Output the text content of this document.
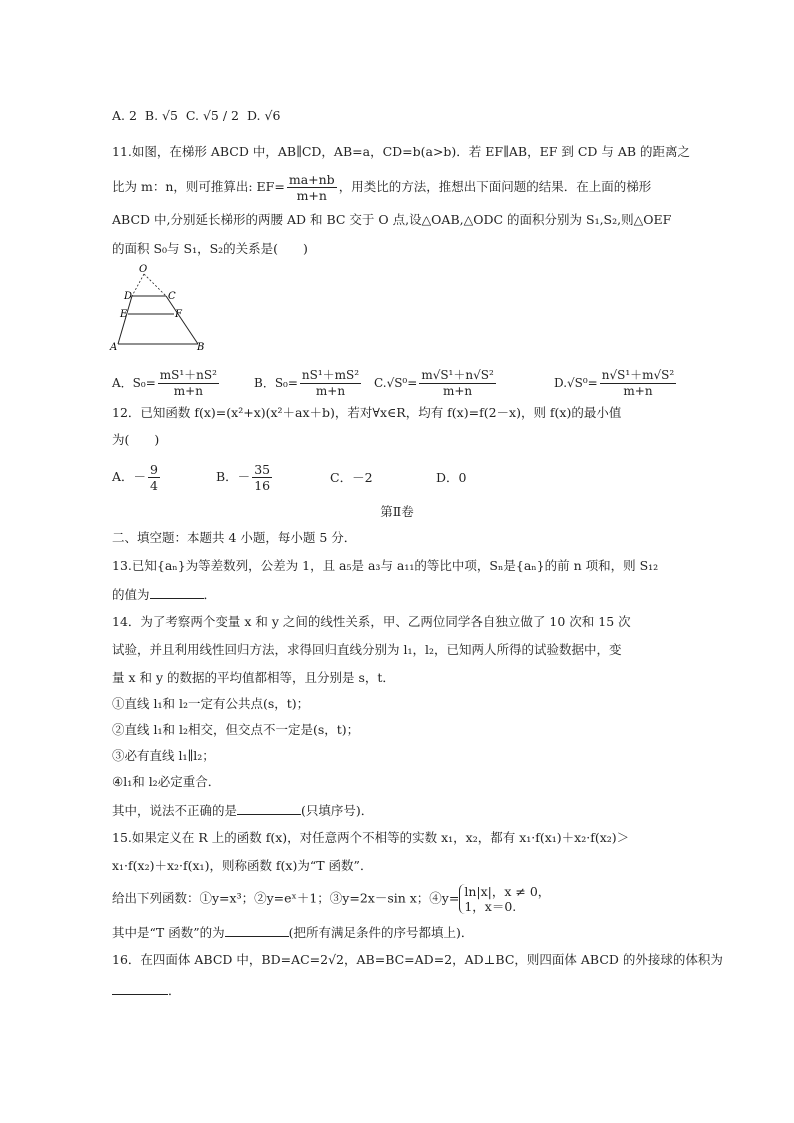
A. 2 B. √5 C. √5 / 2 D. √6
11.如图，在梯形 ABCD 中，AB∥CD，AB=a，CD=b(a>b)．若 EF∥AB，EF 到 CD 与 AB 的距离之
比为 m：n，则可推算出: $EF= \frac{ma+nb}{m+n}$ ，用类比的方法，推想出下面问题的结果．在上面的梯形
ABCD 中,分别延长梯形的两腰 AD 和 BC 交于 O 点,设△OAB,△ODC 的面积分别为 S₁,S₂,则△OEF
的面积 S₀与 S₁，S₂的关系是(　　)
O
D	C
E	F
A	B
A．$S_0= \frac{\text{mS¹＋nS²}}{m+n}$	B．$S_0= \frac{\text{nS¹＋mS²}}{m+n} C.√S^0= \frac{\text{m√S¹＋n√S²}}{m+n}$	$D.√S^0= \frac{\text{n√S¹＋m√S²}}{m+n}$
12．已知函数 f(x)=(x²+x)(x²＋ax＋b)，若对∀x∈R，均有 f(x)=f(2－x)，则 f(x)的最小值
为(　　)
A．－ $\frac{9}{4}$	B．－ $\frac{35}{16}$	C．－2	D．0
第Ⅱ卷
二、填空题：本题共 4 小题，每小题 5 分．
13.已知{aₙ}为等差数列，公差为 1，且 a₅是 a₃与 a₁₁的等比中项，Sₙ是{aₙ}的前 n 项和，则 S₁₂
的值为	．
14．为了考察两个变量 x 和 y 之间的线性关系，甲、乙两位同学各自独立做了 10 次和 15 次
试验，并且利用线性回归方法，求得回归直线分别为 l₁，l₂，已知两人所得的试验数据中，变
量 x 和 y 的数据的平均值都相等，且分别是 s，t．
①直线 l₁和 l₂一定有公共点(s，t)；
②直线 l₁和 l₂相交，但交点不一定是(s，t)；
③必有直线 l₁∥l₂；
④l₁和 l₂必定重合．
其中，说法不正确的是	(只填序号)．
15.如果定义在 R 上的函数 f(x)，对任意两个不相等的实数 x₁，x₂，都有 x₁·f(x₁)＋x₂·f(x₂)＞
x₁·f(x₂)＋x₂·f(x₁)，则称函数 f(x)为“T 函数”．
给出下列函数：①y=x³；②y=eˣ＋1；③y=2x－sin x；④y= ln|x|，x ≠ 0，
1，x＝0.
其中是“T 函数”的为	(把所有满足条件的序号都填上)．
16．在四面体 ABCD 中，BD=AC=2√2，AB=BC=AD=2，AD⊥BC，则四面体 ABCD 的外接球的体积为
．
